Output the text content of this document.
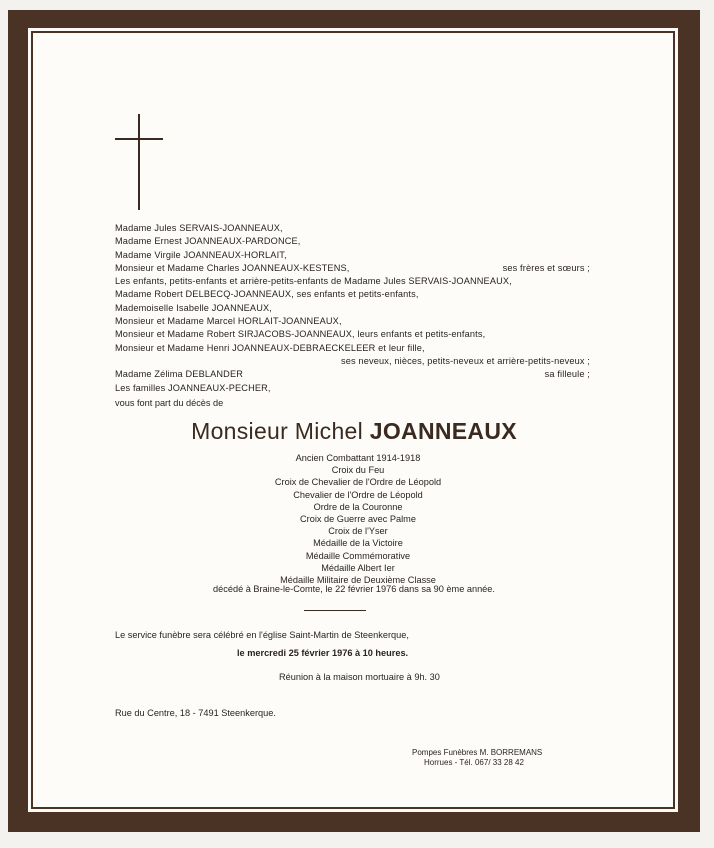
Madame Jules SERVAIS-JOANNEAUX,
Madame Ernest JOANNEAUX-PARDONCE,
Madame Virgile JOANNEAUX-HORLAIT,
Monsieur et Madame Charles JOANNEAUX-KESTENS,	ses frères et sœurs ;
Les enfants, petits-enfants et arrière-petits-enfants de Madame Jules SERVAIS-JOANNEAUX,
Madame Robert DELBECQ-JOANNEAUX, ses enfants et petits-enfants,
Mademoiselle Isabelle JOANNEAUX,
Monsieur et Madame Marcel HORLAIT-JOANNEAUX,
Monsieur et Madame Robert SIRJACOBS-JOANNEAUX, leurs enfants et petits-enfants,
Monsieur et Madame Henri JOANNEAUX-DEBRAECKELEER et leur fille,
ses neveux, nièces, petits-neveux et arrière-petits-neveux ;
Madame Zélima DEBLANDER	sa filleule ;
Les familles JOANNEAUX-PECHER,
vous font part du décès de
Monsieur Michel JOANNEAUX
Ancien Combattant 1914-1918
Croix du Feu
Croix de Chevalier de l'Ordre de Léopold
Chevalier de l'Ordre de Léopold
Ordre de la Couronne
Croix de Guerre avec Palme
Croix de l'Yser
Médaille de la Victoire
Médaille Commémorative
Médaille Albert Ier
Médaille Militaire de Deuxième Classe
décédé à Braine-le-Comte, le 22 février 1976 dans sa 90 ème année.
Le service funèbre sera célébré en l'église Saint-Martin de Steenkerque,
le mercredi 25 février 1976 à 10 heures.
Réunion à la maison mortuaire à 9h. 30
Rue du Centre, 18 - 7491 Steenkerque.
Pompes Funèbres M. BORREMANS
Horrues - Tél. 067/ 33 28 42
